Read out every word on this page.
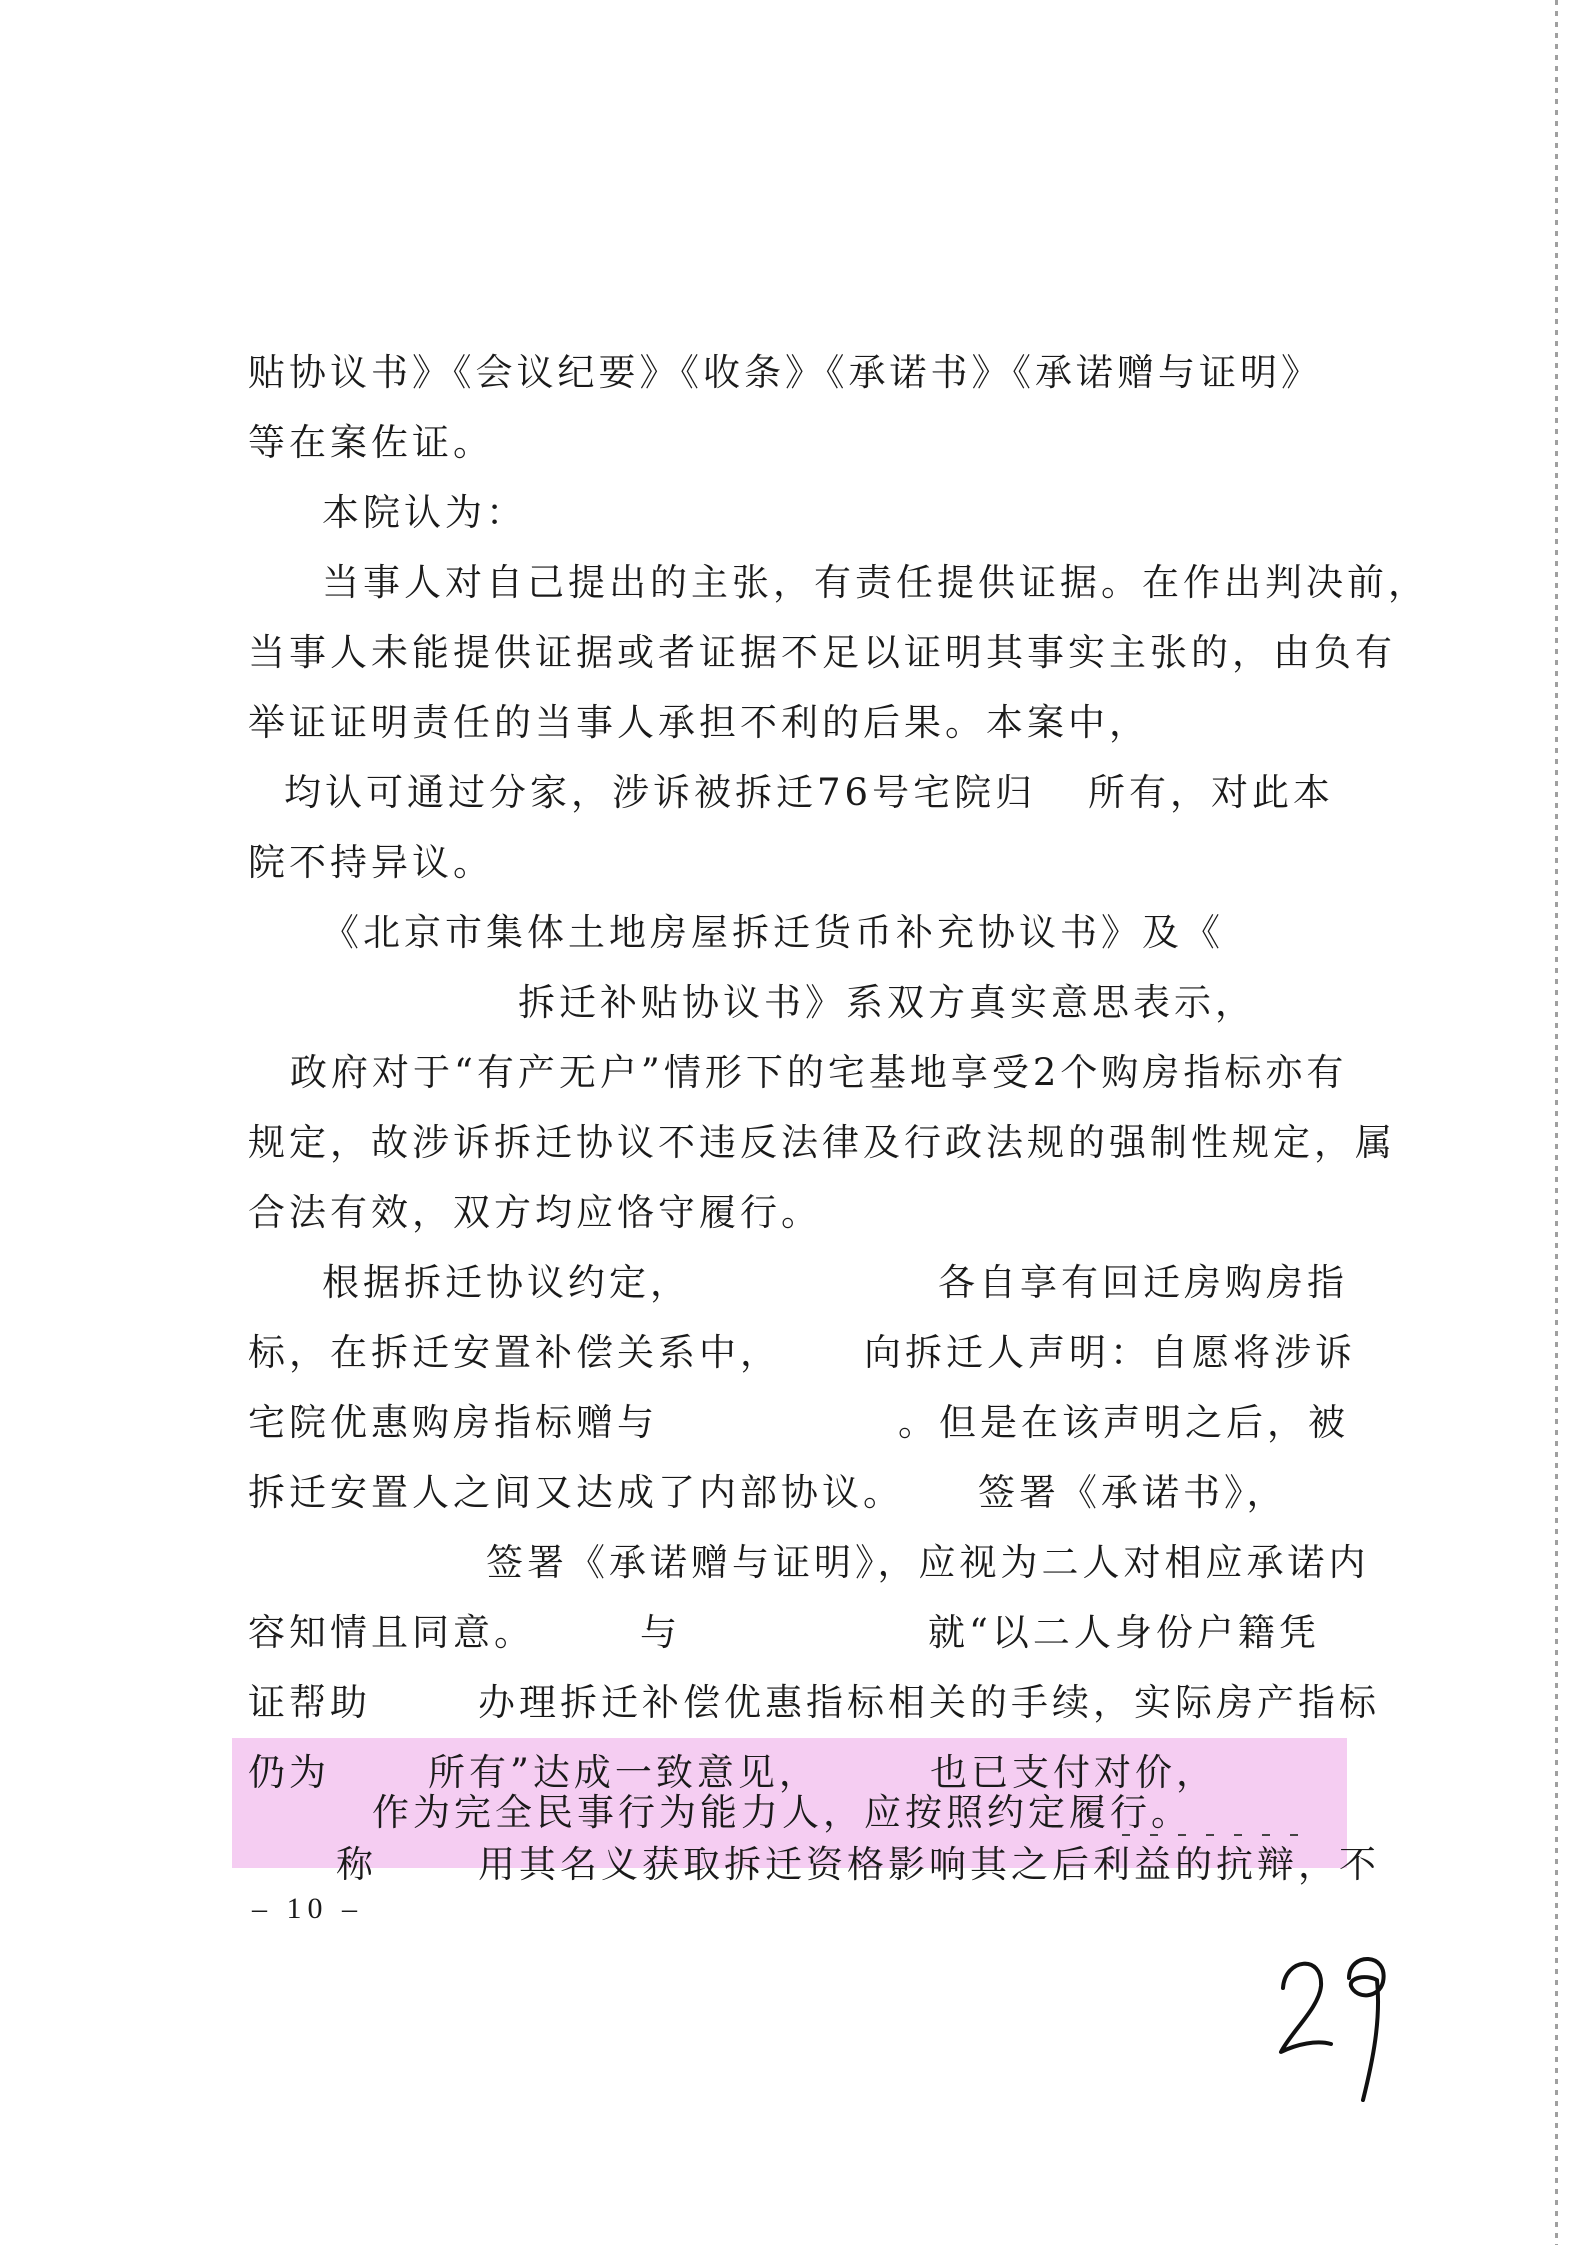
贴协议书》《会议纪要》《收条》《承诺书》《承诺赠与证明》
等在案佐证。
本院认为：
当事人对自己提出的主张，有责任提供证据。在作出判决前，
当事人未能提供证据或者证据不足以证明其事实主张的，由负有
举证证明责任的当事人承担不利的后果。本案中，
均认可通过分家，涉诉被拆迁76号宅院归 所有，对此本
院不持异议。
《北京市集体土地房屋拆迁货币补充协议书》及《
拆迁补贴协议书》系双方真实意思表示，
政府对于“有产无户”情形下的宅基地享受2个购房指标亦有
规定，故涉诉拆迁协议不违反法律及行政法规的强制性规定，属
合法有效，双方均应恪守履行。
根据拆迁协议约定，	各自享有回迁房购房指
标，在拆迁安置补偿关系中， 向拆迁人声明：自愿将涉诉
宅院优惠购房指标赠与	。但是在该声明之后，被
拆迁安置人之间又达成了内部协议。 签署《承诺书》，
签署《承诺赠与证明》，应视为二人对相应承诺内
容知情且同意。	与	就“以二人身份户籍凭
证帮助	办理拆迁补偿优惠指标相关的手续，实际房产指标
仍为	所有”达成一致意见，	也已支付对价，
作为完全民事行为能力人，应按照约定履行。
称	用其名义获取拆迁资格影响其之后利益的抗辩，不
– 10 –
